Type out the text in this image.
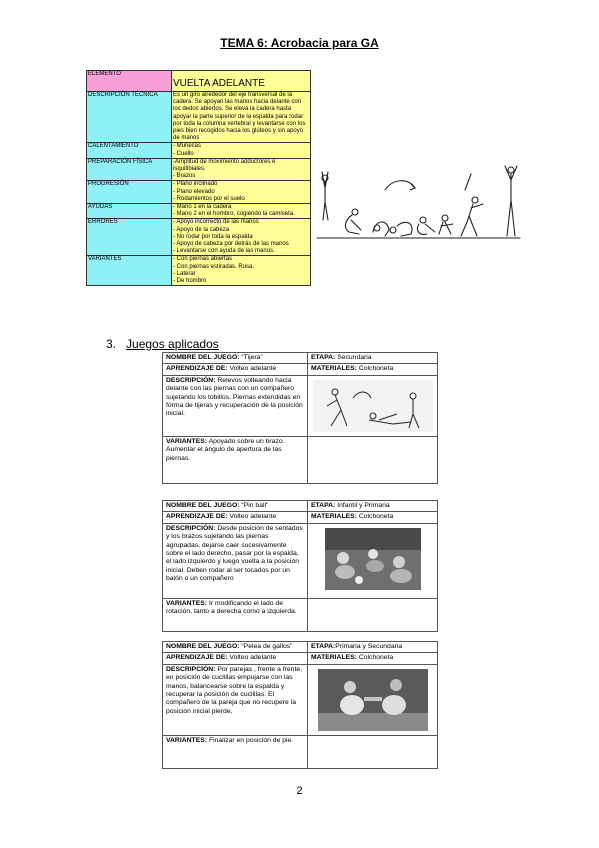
TEMA 6: Acrobacia para GA
ELEMENTO	VUELTA ADELANTE
DESCRIPCIÓN TÉCNICA	Es un giro alrededor del eje transversal de la cadera. Se apoyan las manos hacia delante con los dedos abiertos. Se eleva la cadera hasta apoyar la parte superior de la espalda para rodar por toda la columna vertebral y levantarse con los pies bien recogidos hacia los glúteos y sin apoyo de manos
CALENTAMIENTO	- Muñecas
- Cuello
PREPARACIÓN FÍSICA	-Amplitud de movimiento adductores e isquitibiales.
- Brazos
PROGRESIÓN	- Plano inclinado
- Plano elevado
- Rodamientos por el suelo
AYUDAS	- Mano 1 en la cadera
- Mano 2 en el hombro, cogiendo la camiseta.
ERRORES	- Apoyo incorrecto de las manos
- Apoyo de la cabeza
- No rodar por toda la espalda
- Apoyo de cabeza por detrás de las manos
- Levantarse con ayuda de las manos.
VARIANTES	- Con piernas abiertas
- Con piernas estiradas. Rusa.
- Lateral
- De hombro
3. Juegos aplicados
NOMBRE DEL JUEGO: “Tijera”	ETAPA: Secundaria
APRENDIZAJE DE: Volteo adelante	MATERIALES: Colchoneta
DESCRIPCIÓN: Relevos volteando hacia delante con las piernas con un compañero sujetando los tobillos. Piernas extendidas en forma de tijeras y recuperación de la posición inicial.	

VARIANTES: Apoyado sobre un brazo.
Aumentar el ángulo de apertura de las piernas.	
NOMBRE DEL JUEGO: “Pin ball”	ETAPA: Infantil y Primaria
APRENDIZAJE DE: Volteo adelante	MATERIALES: Colchoneta
DESCRIPCIÓN: Desde posición de sentados y los brazos sujetando las piernas agrupadas, dejarse caer sucesivamente sobre el lado derecho, pasar por la espalda, el lado izquierdo y luego vuelta a la posición inicial. Deben rodar al ser tocados por un balón o un compañero	

VARIANTES: Ir modificando el lado de rotación, tanto a derecha como a izquierda.	
NOMBRE DEL JUEGO: “Pelea de gallos”	ETAPA:Primaria y Secundaria
APRENDIZAJE DE: Volteo adelante	MATERIALES: Colchoneta
DESCRIPCIÓN: Por parejas , frente a frente, en posición de cuclillas empujarse con las manos, balancearse sobre la espalda y recuperar la posición de cuclillas. El compañero de la pareja que no recupere la posición inicial pierde.	

VARIANTES: Finalizar en posición de pie.	
2
